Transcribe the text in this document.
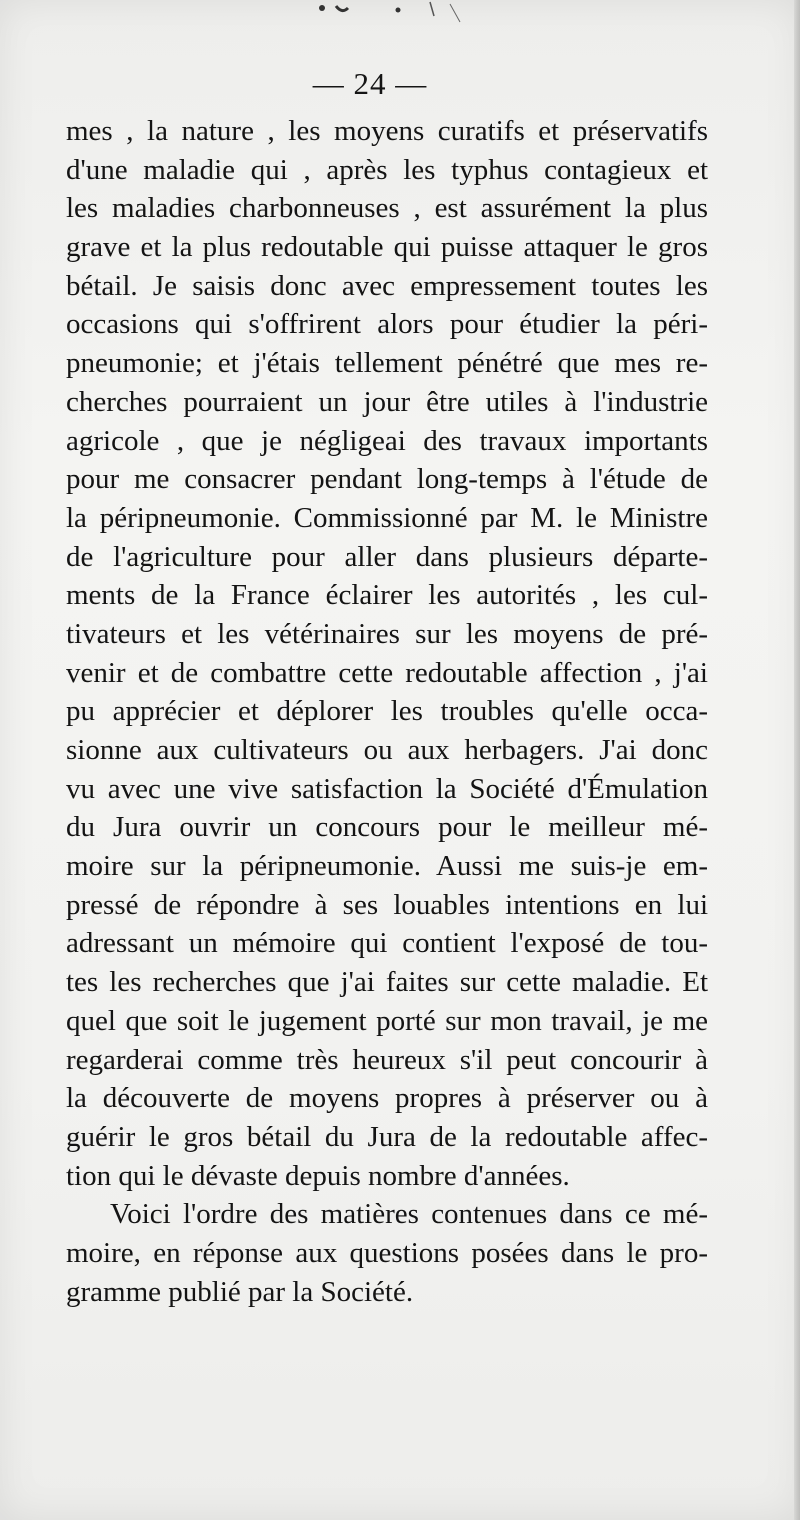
— 24 —
mes , la nature , les moyens curatifs et préservatifs
d'une maladie qui , après les typhus contagieux et
les maladies charbonneuses , est assurément la plus
grave et la plus redoutable qui puisse attaquer le gros
bétail. Je saisis donc avec empressement toutes les
occasions qui s'offrirent alors pour étudier la péri-
pneumonie; et j'étais tellement pénétré que mes re-
cherches pourraient un jour être utiles à l'industrie
agricole , que je négligeai des travaux importants
pour me consacrer pendant long-temps à l'étude de
la péripneumonie. Commissionné par M. le Ministre
de l'agriculture pour aller dans plusieurs départe-
ments de la France éclairer les autorités , les cul-
tivateurs et les vétérinaires sur les moyens de pré-
venir et de combattre cette redoutable affection , j'ai
pu apprécier et déplorer les troubles qu'elle occa-
sionne aux cultivateurs ou aux herbagers. J'ai donc
vu avec une vive satisfaction la Société d'Émulation
du Jura ouvrir un concours pour le meilleur mé-
moire sur la péripneumonie. Aussi me suis-je em-
pressé de répondre à ses louables intentions en lui
adressant un mémoire qui contient l'exposé de tou-
tes les recherches que j'ai faites sur cette maladie. Et
quel que soit le jugement porté sur mon travail, je me
regarderai comme très heureux s'il peut concourir à
la découverte de moyens propres à préserver ou à
guérir le gros bétail du Jura de la redoutable affec-
tion qui le dévaste depuis nombre d'années.
Voici l'ordre des matières contenues dans ce mé-
moire, en réponse aux questions posées dans le pro-
gramme publié par la Société.
